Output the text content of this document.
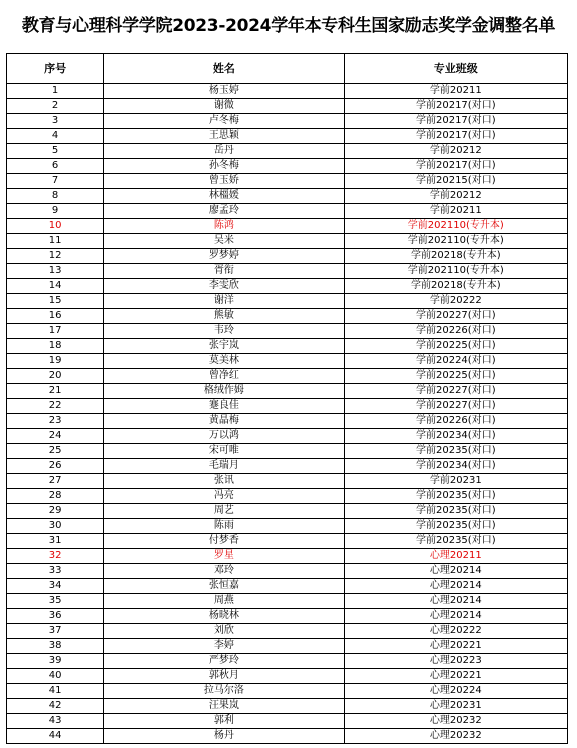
教育与心理科学学院2023-2024学年本专科生国家励志奖学金调整名单
序号	姓名	专业班级
1	杨玉婷	学前20211
2	谢微	学前20217(对口)
3	卢冬梅	学前20217(对口)
4	王思颖	学前20217(对口)
5	岳丹	学前20212
6	孙冬梅	学前20217(对口)
7	曾玉娇	学前20215(对口)
8	林橿媛	学前20212
9	廖孟玲	学前20211
10	陈鸿	学前202110(专升本)
11	吴米	学前202110(专升本)
12	罗梦婷	学前20218(专升本)
13	胥衔	学前202110(专升本)
14	李雯欣	学前20218(专升本)
15	谢洋	学前20222
16	熊敏	学前20227(对口)
17	韦玲	学前20226(对口)
18	张宇岚	学前20225(对口)
19	莫美林	学前20224(对口)
20	曾净红	学前20225(对口)
21	格绒作姆	学前20227(对口)
22	蹇良佳	学前20227(对口)
23	黄晶梅	学前20226(对口)
24	万以鸿	学前20234(对口)
25	宋可唯	学前20235(对口)
26	毛瑞月	学前20234(对口)
27	张讯	学前20231
28	冯亮	学前20235(对口)
29	周艺	学前20235(对口)
30	陈雨	学前20235(对口)
31	付梦香	学前20235(对口)
32	罗星	心理20211
33	邓玲	心理20214
34	张恒嘉	心理20214
35	周燕	心理20214
36	杨晓林	心理20214
37	刘欣	心理20222
38	李婷	心理20221
39	严梦玲	心理20223
40	郭秋月	心理20221
41	拉马尔洛	心理20224
42	汪果岚	心理20231
43	郭利	心理20232
44	杨丹	心理20232
